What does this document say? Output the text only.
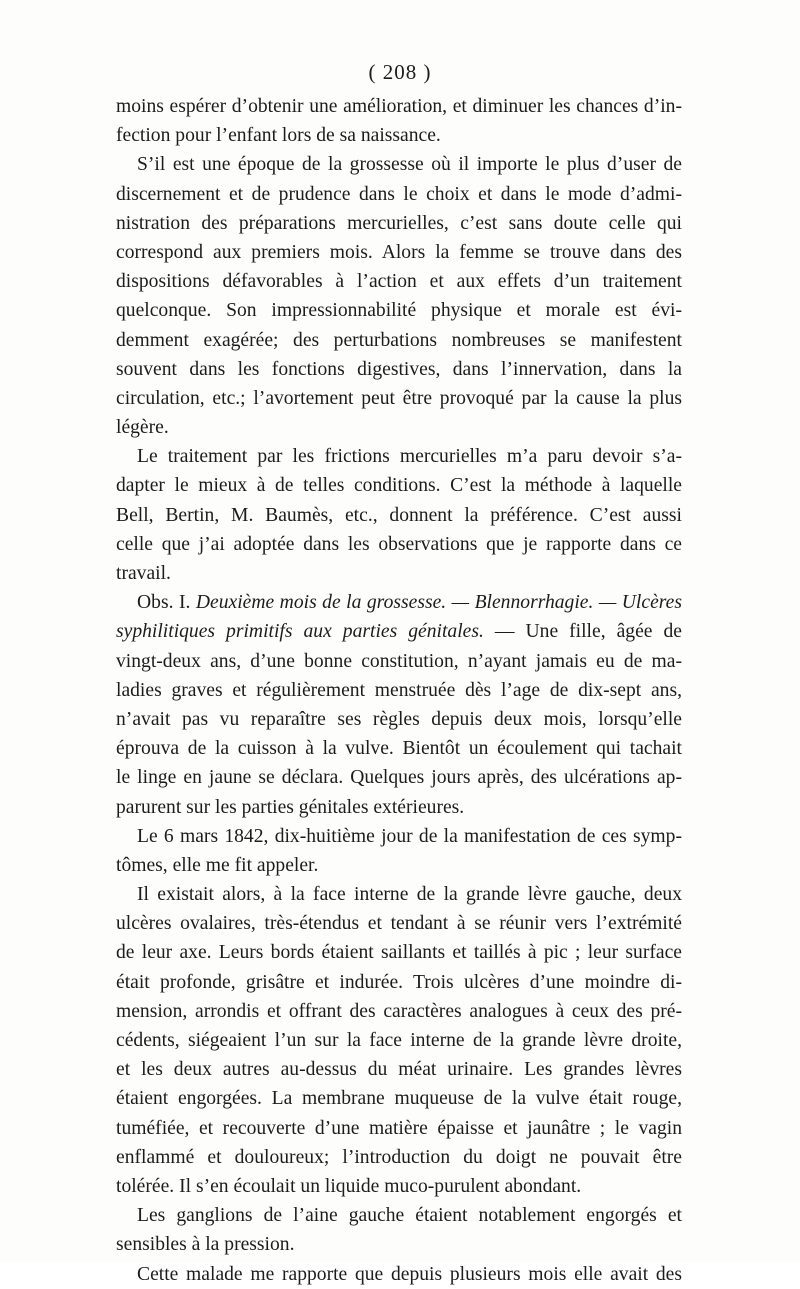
( 208 )
moins espérer d’obtenir une amélioration, et diminuer les chances d’in-
fection pour l’enfant lors de sa naissance.
S’il est une époque de la grossesse où il importe le plus d’user de
discernement et de prudence dans le choix et dans le mode d’admi-
nistration des préparations mercurielles, c’est sans doute celle qui
correspond aux premiers mois. Alors la femme se trouve dans des
dispositions défavorables à l’action et aux effets d’un traitement
quelconque. Son impressionnabilité physique et morale est évi-
demment exagérée; des perturbations nombreuses se manifestent
souvent dans les fonctions digestives, dans l’innervation, dans la
circulation, etc.; l’avortement peut être provoqué par la cause la plus
légère.
Le traitement par les frictions mercurielles m’a paru devoir s’a-
dapter le mieux à de telles conditions. C’est la méthode à laquelle
Bell, Bertin, M. Baumès, etc., donnent la préférence. C’est aussi
celle que j’ai adoptée dans les observations que je rapporte dans ce
travail.
Obs. I. Deuxième mois de la grossesse. — Blennorrhagie. — Ulcères
syphilitiques primitifs aux parties génitales. — Une fille, âgée de
vingt-deux ans, d’une bonne constitution, n’ayant jamais eu de ma-
ladies graves et régulièrement menstruée dès l’age de dix-sept ans,
n’avait pas vu reparaître ses règles depuis deux mois, lorsqu’elle
éprouva de la cuisson à la vulve. Bientôt un écoulement qui tachait
le linge en jaune se déclara. Quelques jours après, des ulcérations ap-
parurent sur les parties génitales extérieures.
Le 6 mars 1842, dix-huitième jour de la manifestation de ces symp-
tômes, elle me fit appeler.
Il existait alors, à la face interne de la grande lèvre gauche, deux
ulcères ovalaires, très-étendus et tendant à se réunir vers l’extrémité
de leur axe. Leurs bords étaient saillants et taillés à pic ; leur surface
était profonde, grisâtre et indurée. Trois ulcères d’une moindre di-
mension, arrondis et offrant des caractères analogues à ceux des pré-
cédents, siégeaient l’un sur la face interne de la grande lèvre droite,
et les deux autres au-dessus du méat urinaire. Les grandes lèvres
étaient engorgées. La membrane muqueuse de la vulve était rouge,
tuméfiée, et recouverte d’une matière épaisse et jaunâtre ; le vagin
enflammé et douloureux; l’introduction du doigt ne pouvait être
tolérée. Il s’en écoulait un liquide muco-purulent abondant.
Les ganglions de l’aine gauche étaient notablement engorgés et
sensibles à la pression.
Cette malade me rapporte que depuis plusieurs mois elle avait des
